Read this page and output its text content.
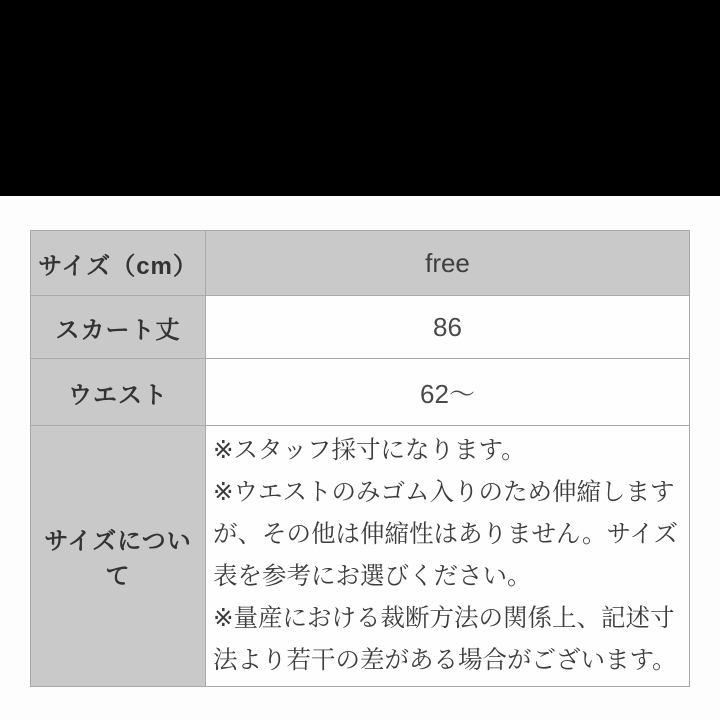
サイズ（cm）	free
スカート丈	86
ウエスト	62～
サイズについて	※スタッフ採寸になります。

※ウエストのみゴム入りのため伸縮しますが、その他は伸縮性はありません。サイズ表を参考にお選びください。

※量産における裁断方法の関係上、記述寸法より若干の差がある場合がございます。
